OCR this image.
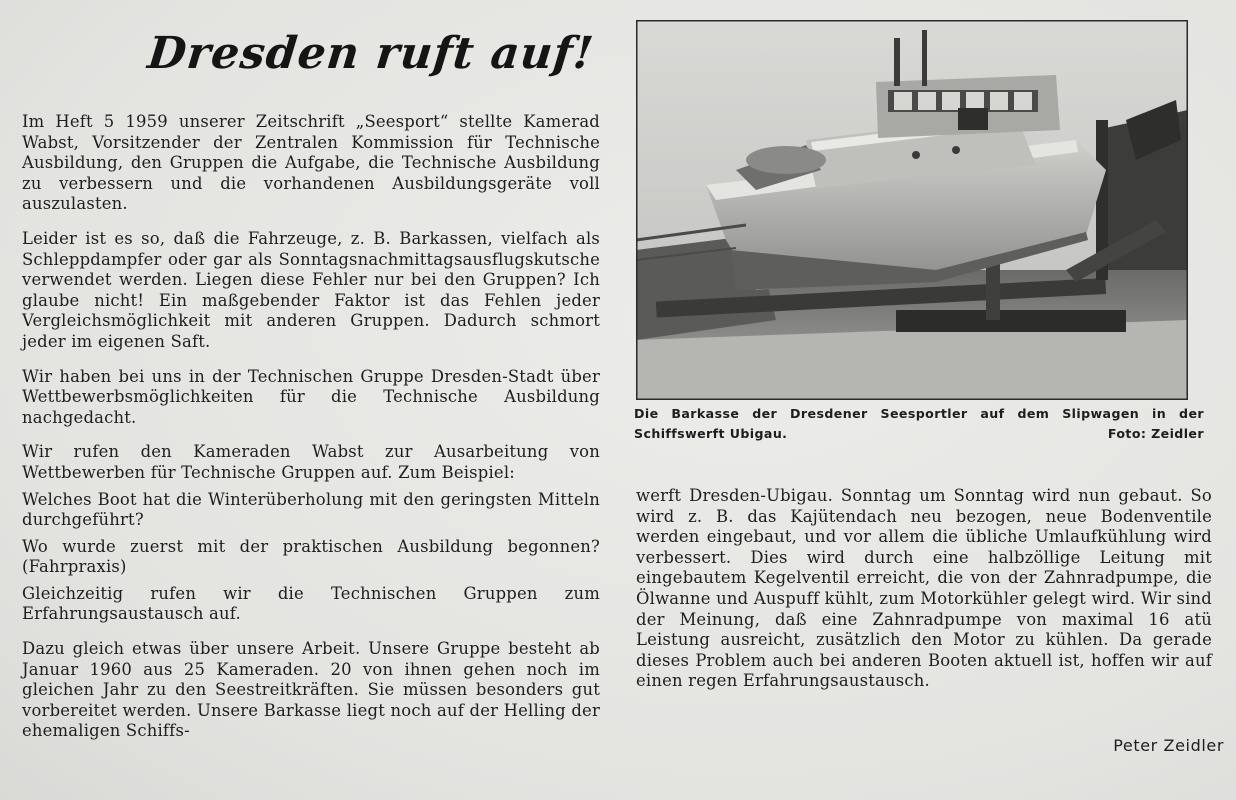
Dresden ruft auf!

Im Heft 5 1959 unserer Zeitschrift „Seesport“ stellte Kamerad Wabst, Vorsitzender der Zentralen Kommission für Technische Ausbildung, den Gruppen die Aufgabe, die Technische Ausbildung zu verbessern und die vorhandenen Ausbildungsgeräte voll auszulasten.

Leider ist es so, daß die Fahrzeuge, z. B. Barkassen, vielfach als Schleppdampfer oder gar als Sonntagsnachmittagsausflugskutsche verwendet werden. Liegen diese Fehler nur bei den Gruppen? Ich glaube nicht! Ein maßgebender Faktor ist das Fehlen jeder Vergleichsmöglichkeit mit anderen Gruppen. Dadurch schmort jeder im eigenen Saft.

Wir haben bei uns in der Technischen Gruppe Dresden-Stadt über Wettbewerbsmöglichkeiten für die Technische Ausbildung nachgedacht.

Wir rufen den Kameraden Wabst zur Ausarbeitung von Wettbewerben für Technische Gruppen auf. Zum Beispiel:

Welches Boot hat die Winterüberholung mit den geringsten Mitteln durchgeführt?

Wo wurde zuerst mit der praktischen Ausbildung begonnen? (Fahrpraxis)

Gleichzeitig rufen wir die Technischen Gruppen zum Erfahrungsaustausch auf.

Dazu gleich etwas über unsere Arbeit. Unsere Gruppe besteht ab Januar 1960 aus 25 Kameraden. 20 von ihnen gehen noch im gleichen Jahr zu den Seestreitkräften. Sie müssen besonders gut vorbereitet werden. Unsere Barkasse liegt noch auf der Helling der ehemaligen Schiffs-

Die Barkasse der Dresdener Seesportler auf dem Slipwagen in der
Schiffswerft Ubigau.	Foto: Zeidler

werft Dresden-Ubigau. Sonntag um Sonntag wird nun gebaut. So wird z. B. das Kajütendach neu bezogen, neue Bodenventile werden eingebaut, und vor allem die übliche Umlaufkühlung wird verbessert. Dies wird durch eine halbzöllige Leitung mit eingebautem Kegelventil erreicht, die von der Zahnradpumpe, die Ölwanne und Auspuff kühlt, zum Motorkühler gelegt wird. Wir sind der Meinung, daß eine Zahnradpumpe von maximal 16 atü Leistung ausreicht, zusätzlich den Motor zu kühlen. Da gerade dieses Problem auch bei anderen Booten aktuell ist, hoffen wir auf einen regen Erfahrungsaustausch.

Peter Zeidler
